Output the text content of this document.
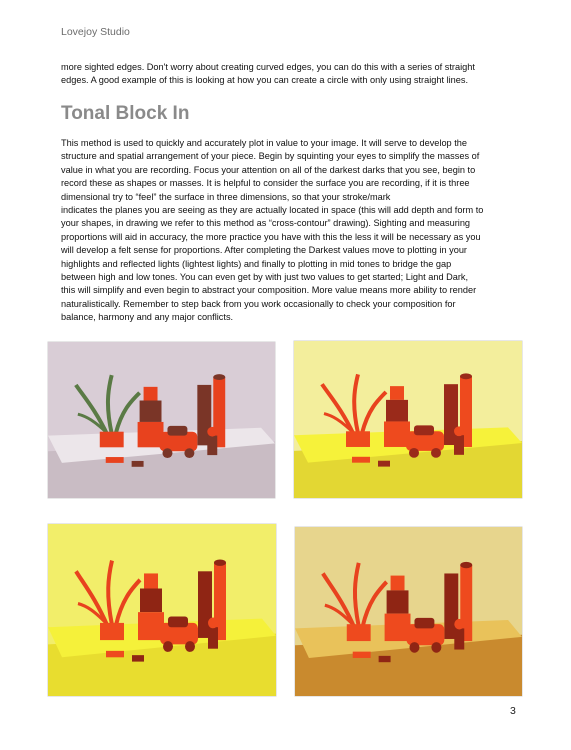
Lovejoy Studio

more sighted edges. Don't worry about creating curved edges, you can do this with a series of straight
edges. A good example of this is looking at how you can create a circle with only using straight lines.

Tonal Block In

This method is used to quickly and accurately plot in value to your image. It will serve to develop the
structure and spatial arrangement of your piece. Begin by squinting your eyes to simplify the masses of
value in what you are recording. Focus your attention on all of the darkest darks that you see, begin to
record these as shapes or masses. It is helpful to consider the surface you are recording, if it is three
dimensional try to “feel” the surface in three dimensions, so that your stroke/mark
indicates the planes you are seeing as they are actually located in space (this will add depth and form to
your shapes, in drawing we refer to this method as “cross-contour” drawing). Sighting and measuring
proportions will aid in accuracy, the more practice you have with this the less it will be necessary as you
will develop a felt sense for proportions. After completing the Darkest values move to plotting in your
highlights and reflected lights (lightest lights) and finally to plotting in mid tones to bridge the gap
between high and low tones. You can even get by with just two values to get started; Light and Dark,
this will simplify and even begin to abstract your composition. More value means more ability to render
naturalistically. Remember to step back from you work occasionally to check your composition for
balance, harmony and any major conflicts.

3
